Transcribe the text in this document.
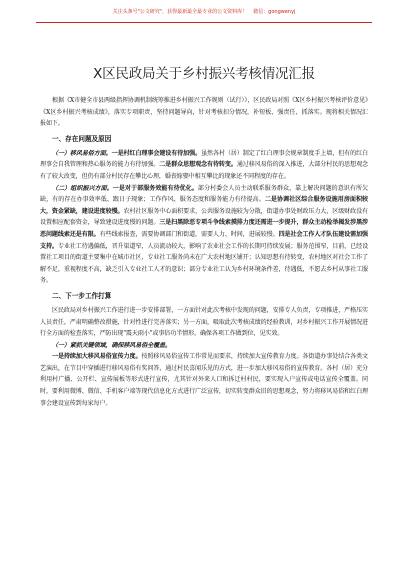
关注头条号"公文研究"，获得最新最全最专业的公文资料库！ 微信：gongwenyj
X区民政局关于乡村振兴考核情况汇报

根据《X市健全市县两级指挥协调机制统筹推进乡村振兴工作规则（试行）》，区民政局对照《X区乡村振兴考核评价意见》《X区乡村振兴考核成绩》，落实专项职责，坚持问题导向，针对考核扣分情况，补短板、强责任、抓落实。现将相关情况汇报如下。

一、存在问题及原因

（一）移风易俗方面。一是村红白理事会建设有待加强。虽然各村（居）制定了红白理事会规章制度手上墙，但有的红白理事会自我管理和热心服务的能力有待加强。二是群众思想观念有待转变。通过移风易俗的深入推进，大部分村民的思想观念有了较大改变，但仍有部分村民存在攀比心理，婚丧嫁娶中相互攀比的现象还不同程度的存在。

（二）组织振兴方面。一是对于部服务效能有待优化。部分村委会人员主动联系服务群众、靠上解决问题的意识有所欠缺，有的存在办事效率低、跟日子现象；工作作风、服务态度和服务能力有待提高。二是协调社区综合服务设施用房面积较大，资金紧缺，建设进度较慢。农村社区服务中心面积要求，公共服务设施较为分散，街道办事处财政压力大，区级财政没有设置相应配套资金，导致建设进度慢的问题。三是扫黑除恶专项斗争线索摸排力度还需进一步提升，群众主动检举揭发涉黑涉恶问题线索还是有限。有些线索报查，需要协调部门和街道，需要人力、时间，进展较慢。四是社会工作人才队伍建设需加强支持。专业社工待遇偏低，晋升渠道窄，人员流动较大，影响了农业社会工作的长期可持续发展；服务范围窄，目前，已经设置社工项目的街道主要集中在城市社区，专业社工服务尚未在广大农村地区铺开；认知思想有待转变，农村地区对社会工作了解不足，重视程度不高，缺乏引入专业社工人才的意识；部分专业社工认为乡村环境条件差，待遇低，不愿去乡村从事社工服务。

二、下一步工作打算

区民政局对乡村振兴工作进行进一步安排部署，一方面针对此次考核中发现的问题，安排专人负责，专项推进，严格压实人员责任，严肃明确整改措施，针对性进行完善落实；另一方面，吸取此次考核成绩的经验教训，对乡村振兴工作开展情况进行全方面的检查落实，严防出现"震天雨小"或事倍功半情形，确保各项工作做到位，见实效。

（一）紧抓关键领域，确保移风易俗全覆盖。

一是持续加大移风易俗宣传力度。按照移风易俗宣传工作常见而要求，持续加大宣传教育力度。各街道办事处结合各类文艺演出，在节目中穿插进行移风易俗有奖问答，通过村民喜闻乐见的方式，进一步加大移风易俗的宣传教育。各村（居）充分利用村广播、公开栏、宣传展板等形式进行宣传，尤其针对外来人口和拆迁村村民，要实现入户宣传或电话宣传全覆盖。同时，要利用微博、微信、手机客户端等现代信息化方式进行广泛宣传，切实转变群众旧的思想观念，努力将移风易俗和红白理事会建设宣传到每家每户。
